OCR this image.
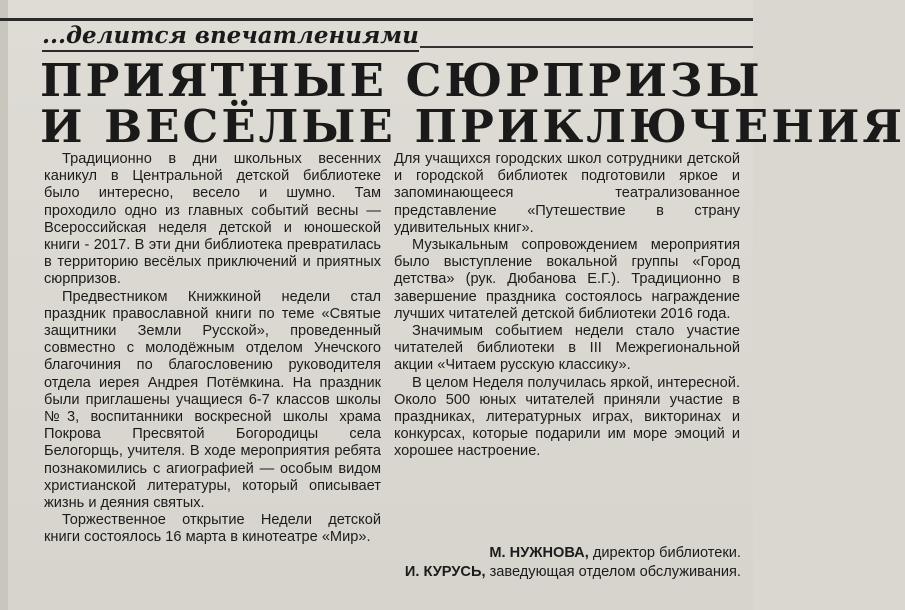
...делится впечатлениями
ПРИЯТНЫЕ СЮРПРИЗЫ
И ВЕСЁЛЫЕ ПРИКЛЮЧЕНИЯ

Традиционно в дни школьных весенних каникул в Центральной детской библиотеке было интересно, весело и шумно. Там проходило одно из главных событий весны — Всероссийская неделя детской и юношеской книги - 2017. В эти дни библиотека превратилась в территорию весёлых приключений и приятных сюрпризов.

Предвестником Книжкиной недели стал праздник православной книги по теме «Святые защитники Земли Русской», проведенный совместно с молодёжным отделом Унечского благочиния по благословению руководителя отдела иерея Андрея Потёмкина. На праздник были приглашены учащиеся 6-7 классов школы №3, воспитанники воскресной школы храма Покрова Пресвятой Богородицы села Белогорщь, учителя. В ходе мероприятия ребята познакомились с агиографией — особым видом христианской литературы, который описывает жизнь и деяния святых.

Торжественное открытие Недели детской книги состоялось 16 марта в кинотеатре «Мир».

Для учащихся городских школ сотрудники детской и городской библиотек подготовили яркое и запоминающееся театрализованное представление «Путешествие в страну удивительных книг».

Музыкальным сопровождением мероприятия было выступление вокальной группы «Город детства» (рук. Дюбанова Е.Г.). Традиционно в завершение праздника состоялось награждение лучших читателей детской библиотеки 2016 года.

Значимым событием недели стало участие читателей библиотеки в III Межрегиональной акции «Читаем русскую классику».

В целом Неделя получилась яркой, интересной. Около 500 юных читателей приняли участие в праздниках, литературных играх, викторинах и конкурсах, которые подарили им море эмоций и хорошее настроение.

М. НУЖНОВА, директор библиотеки.
И. КУРУСЬ, заведующая отделом обслуживания.
